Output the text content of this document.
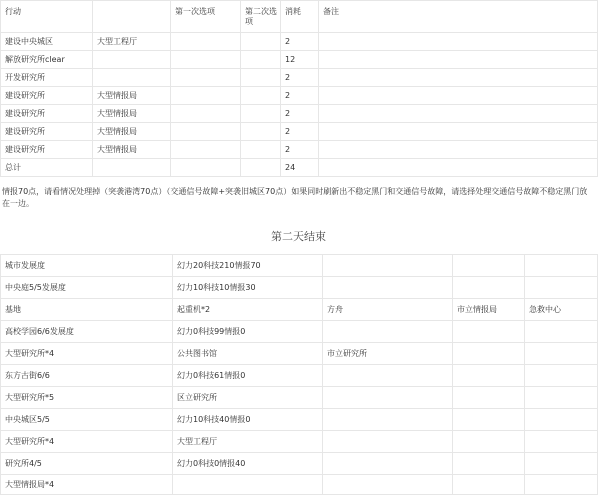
行动		第一次选项	第二次选项	消耗	备注
建设中央城区	大型工程厅			2	
解放研究所clear				12	
开发研究所				2	
建设研究所	大型情报局			2	
建设研究所	大型情报局			2	
建设研究所	大型情报局			2	
建设研究所	大型情报局			2	
总计				24	
情报70点，请看情况处理掉（突袭港湾70点）（交通信号故障+突袭旧城区70点）如果同时刷新出不稳定黑门和交通信号故障，请选择处理交通信号故障不稳定黑门放在一边。
第二天结束
城市发展度	幻力20科技210情报70				
中央庭5/5发展度	幻力10科技10情报30				
基地	起重机*2	方舟		市立情报局	急救中心
高校学园6/6发展度	幻力0科技99情报0				
大型研究所*4	公共图书馆	市立研究所			
东方古街6/6	幻力0科技61情报0				
大型研究所*5	区立研究所				
中央城区5/5	幻力10科技40情报0				
大型研究所*4	大型工程厅				
研究所4/5	幻力0科技0情报40				
大型情报局*4					
